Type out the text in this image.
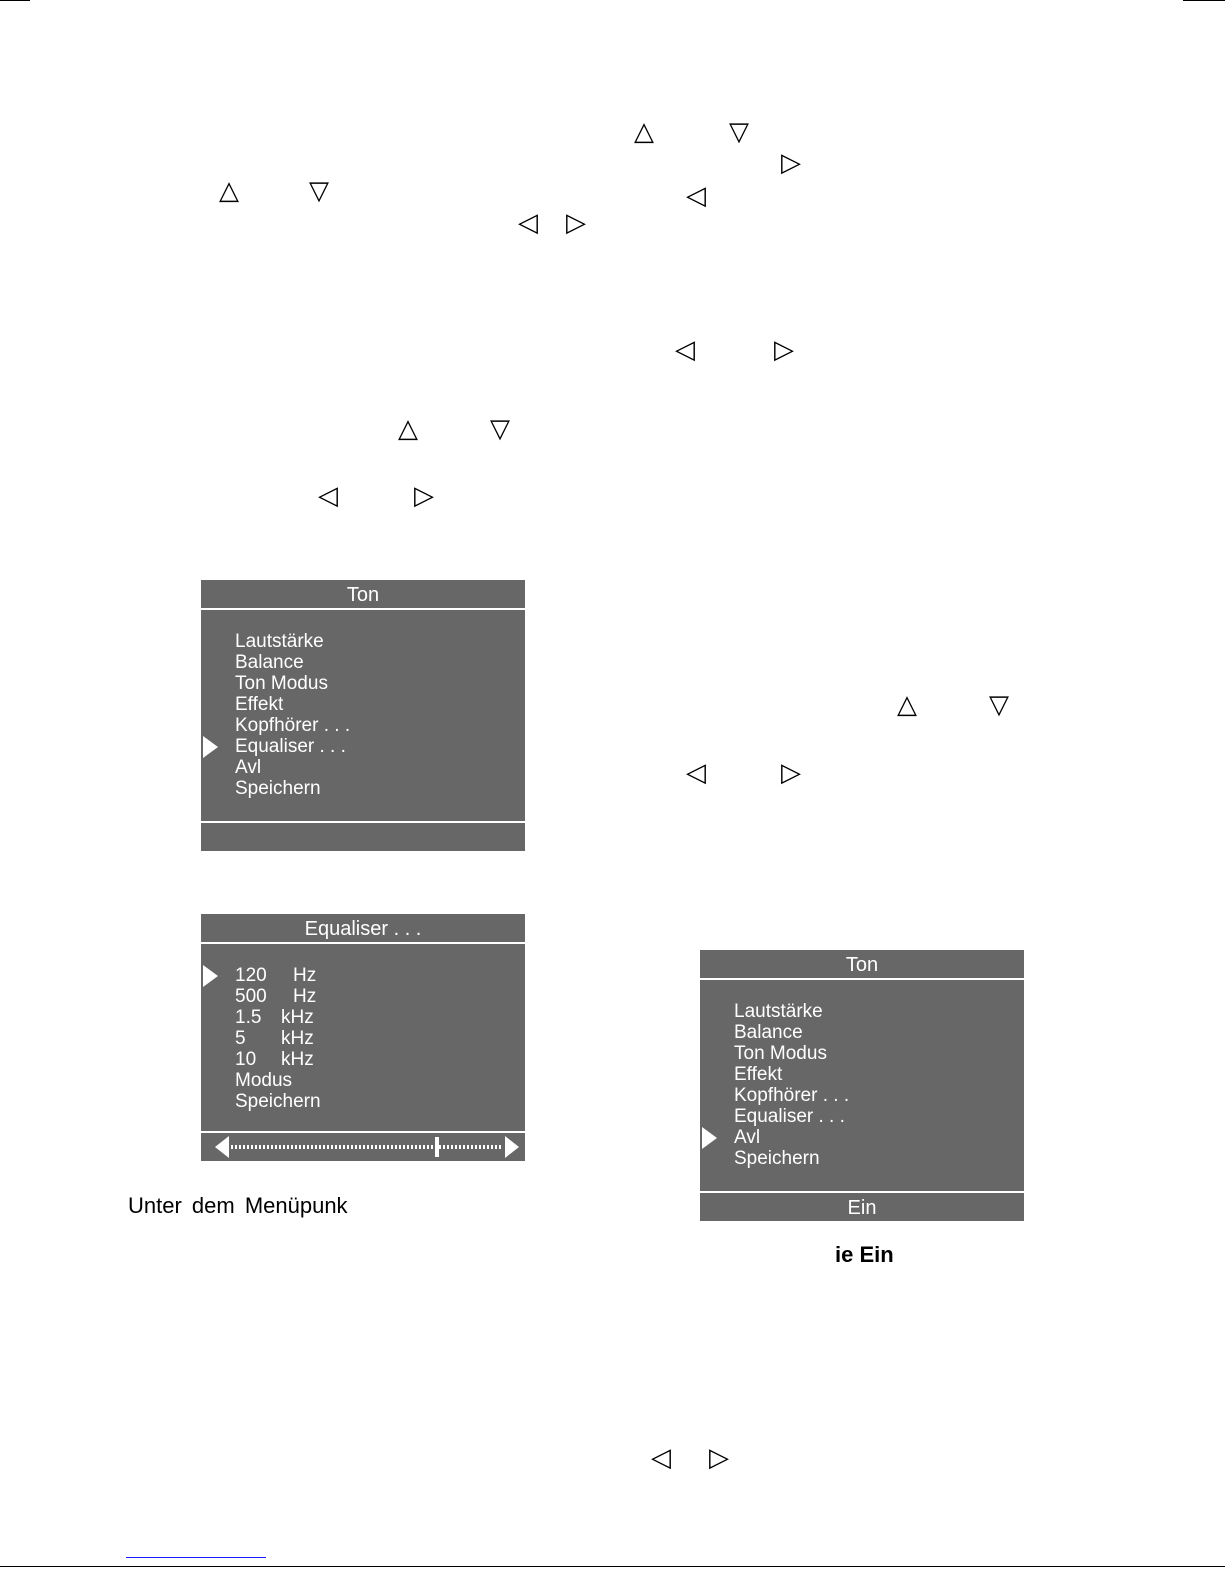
△	▽
▷
△	▽	◁
◁ ▷
◁	▷
△	▽
◁	▷
△	▽
◁	▷
◁ ▷
Ton
Lautstärke
Balance
Ton Modus
Effekt
Kopfhörer . . .
Equaliser . . .
Avl
Speichern
Equaliser . . .
120 Hz
500 Hz
1.5 kHz
5 kHz
10 kHz
Modus
Speichern
Ton
Lautstärke
Balance
Ton Modus
Effekt
Kopfhörer . . .
Equaliser . . .
Avl
Speichern
Ein
Unter dem Menüpunk
ie Ein
